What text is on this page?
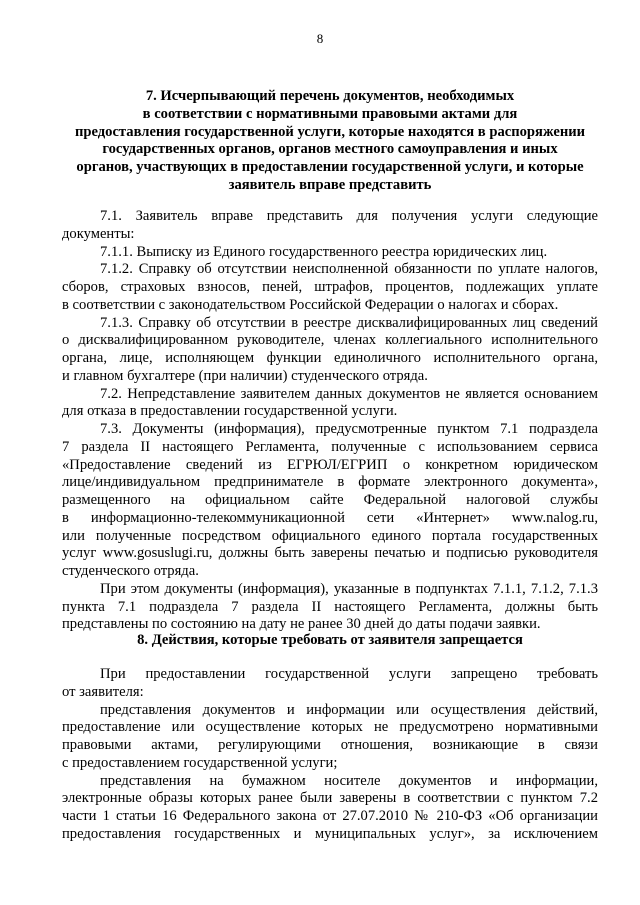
8
7. Исчерпывающий перечень документов, необходимых
в соответствии с нормативными правовыми актами для
предоставления государственной услуги, которые находятся в распоряжении
государственных органов, органов местного самоуправления и иных
органов, участвующих в предоставлении государственной услуги, и которые
заявитель вправе представить
7.1. Заявитель вправе представить для получения услуги следующие
документы:
7.1.1. Выписку из Единого государственного реестра юридических лиц.
7.1.2. Справку об отсутствии неисполненной обязанности по уплате налогов,
сборов, страховых взносов, пеней, штрафов, процентов, подлежащих уплате
в соответствии с законодательством Российской Федерации о налогах и сборах.
7.1.3. Справку об отсутствии в реестре дисквалифицированных лиц сведений
о дисквалифицированном руководителе, членах коллегиального исполнительного
органа, лице, исполняющем функции единоличного исполнительного органа,
и главном бухгалтере (при наличии) студенческого отряда.
7.2. Непредставление заявителем данных документов не является основанием
для отказа в предоставлении государственной услуги.
7.3. Документы (информация), предусмотренные пунктом 7.1 подраздела
7 раздела II настоящего Регламента, полученные с использованием сервиса
«Предоставление сведений из ЕГРЮЛ/ЕГРИП о конкретном юридическом
лице/индивидуальном предпринимателе в формате электронного документа»,
размещенного на официальном сайте Федеральной налоговой службы
в информационно-телекоммуникационной сети «Интернет» www.nalog.ru,
или полученные посредством официального единого портала государственных
услуг www.gosuslugi.ru, должны быть заверены печатью и подписью руководителя
студенческого отряда.
При этом документы (информация), указанные в подпунктах 7.1.1, 7.1.2, 7.1.3
пункта 7.1 подраздела 7 раздела II настоящего Регламента, должны быть
представлены по состоянию на дату не ранее 30 дней до даты подачи заявки.
8. Действия, которые требовать от заявителя запрещается
При предоставлении государственной услуги запрещено требовать
от заявителя:
представления документов и информации или осуществления действий,
предоставление или осуществление которых не предусмотрено нормативными
правовыми актами, регулирующими отношения, возникающие в связи
с предоставлением государственной услуги;
представления на бумажном носителе документов и информации,
электронные образы которых ранее были заверены в соответствии с пунктом 7.2
части 1 статьи 16 Федерального закона от 27.07.2010 № 210-ФЗ «Об организации
предоставления государственных и муниципальных услуг», за исключением
